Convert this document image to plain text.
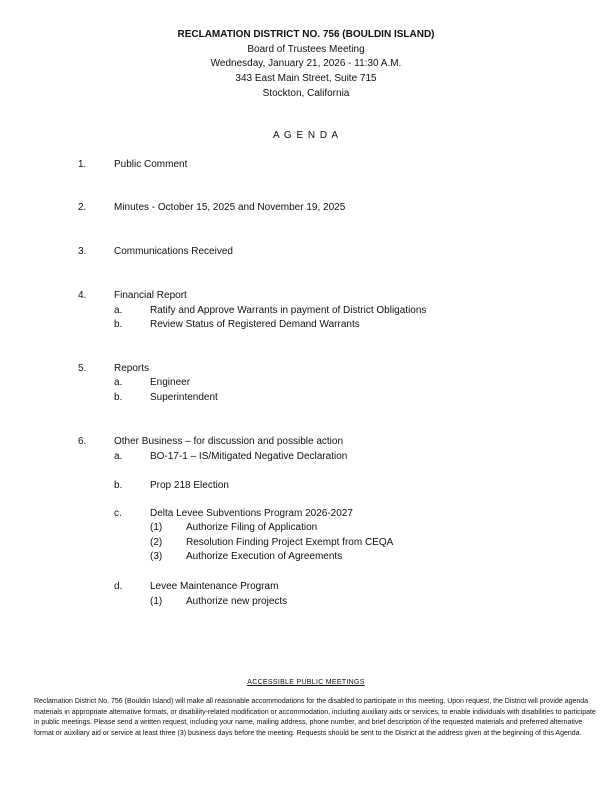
RECLAMATION DISTRICT NO. 756 (BOULDIN ISLAND)
Board of Trustees Meeting
Wednesday, January 21, 2026 - 11:30 A.M.
343 East Main Street, Suite 715
Stockton, California
A G E N D A
1.	Public Comment
2.	Minutes - October 15, 2025 and November 19, 2025
3.	Communications Received
4.	Financial Report
a.	Ratify and Approve Warrants in payment of District Obligations
b.	Review Status of Registered Demand Warrants
5.	Reports
a.	Engineer
b.	Superintendent
6.	Other Business – for discussion and possible action
a.	BO-17-1 – IS/Mitigated Negative Declaration
b.	Prop 218 Election
c.	Delta Levee Subventions Program 2026-2027
(1) Authorize Filing of Application
(2) Resolution Finding Project Exempt from CEQA
(3) Authorize Execution of Agreements
d.	Levee Maintenance Program
(1) Authorize new projects
ACCESSIBLE PUBLIC MEETINGS
Reclamation District No. 756 (Bouldin Island) will make all reasonable accommodations for the disabled to participate in this meeting. Upon request, the District will provide agenda materials in appropriate alternative formats, or disability-related modification or accommodation, including auxiliary aids or services, to enable individuals with disabilities to participate in public meetings. Please send a written request, including your name, mailing address, phone number, and brief description of the requested materials and preferred alternative format or auxiliary aid or service at least three (3) business days before the meeting. Requests should be sent to the District at the address given at the beginning of this Agenda.
